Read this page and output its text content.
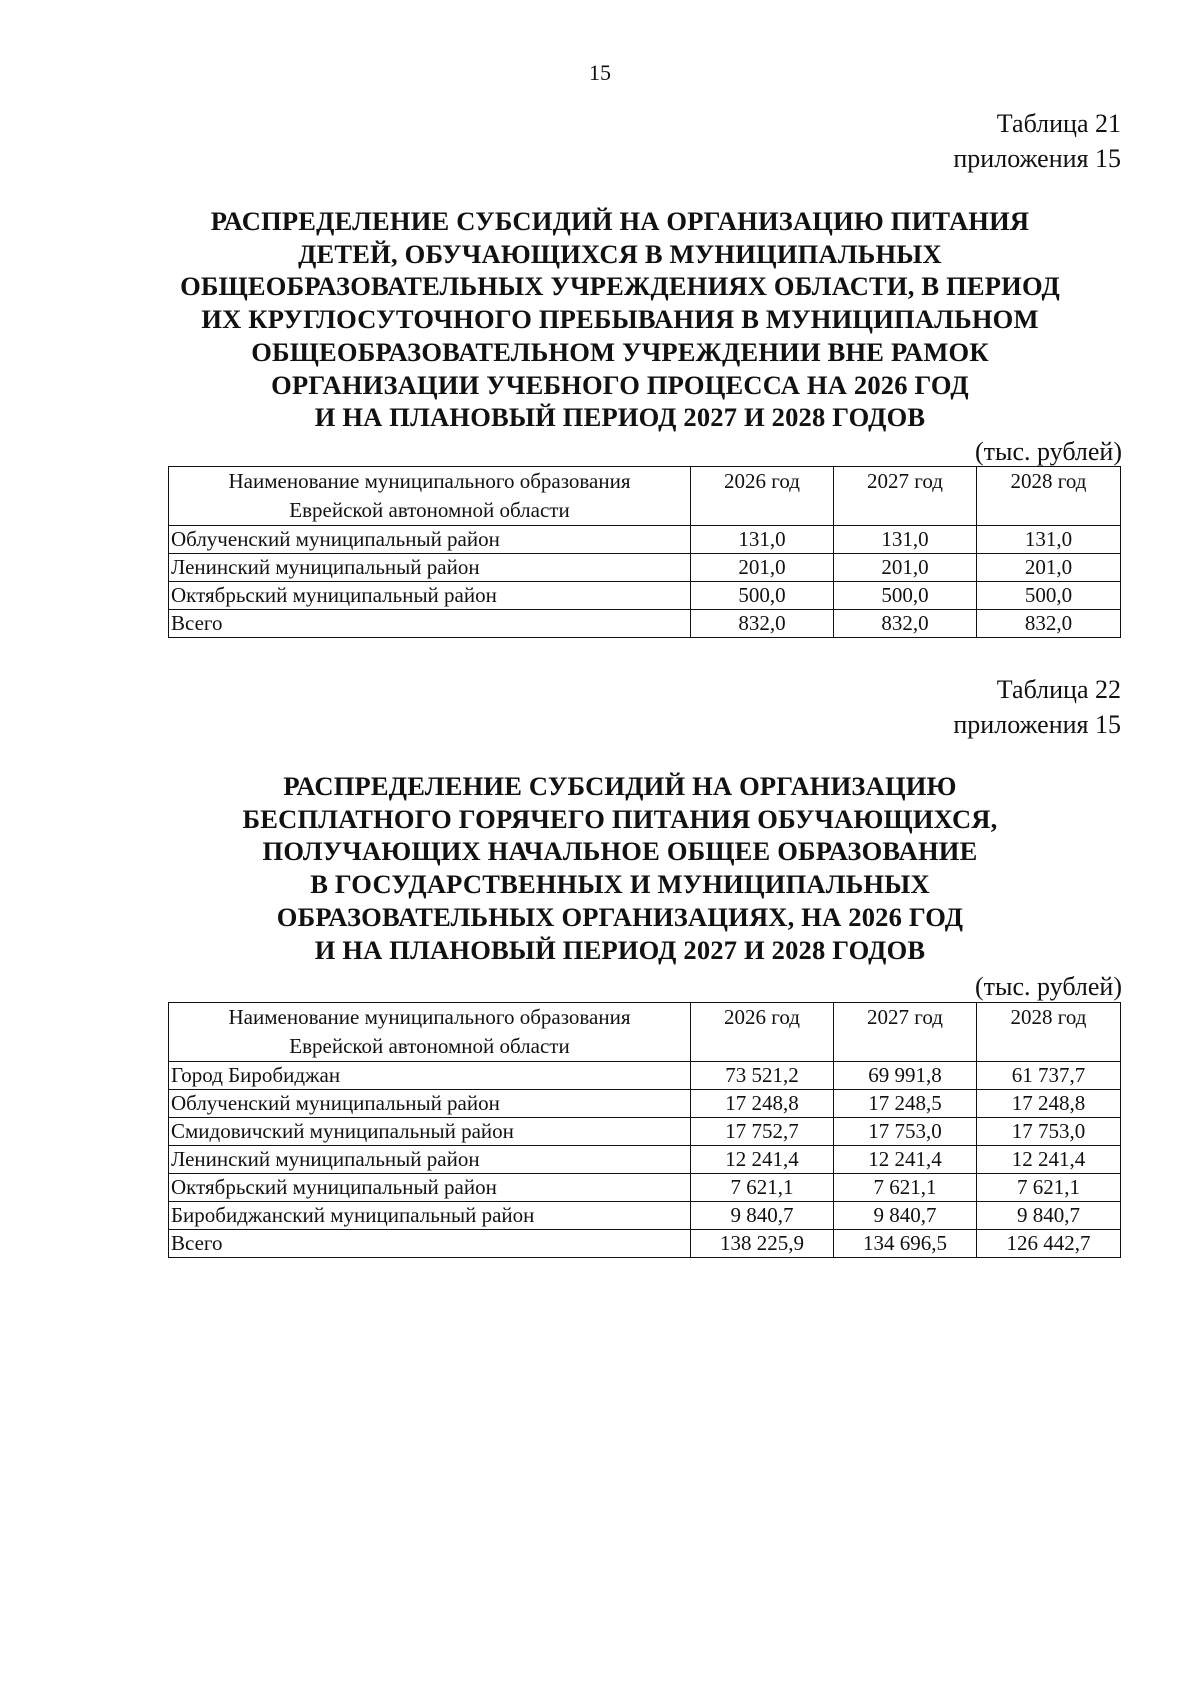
15
Таблица 21
приложения 15
РАСПРЕДЕЛЕНИЕ СУБСИДИЙ НА ОРГАНИЗАЦИЮ ПИТАНИЯ
ДЕТЕЙ, ОБУЧАЮЩИХСЯ В МУНИЦИПАЛЬНЫХ
ОБЩЕОБРАЗОВАТЕЛЬНЫХ УЧРЕЖДЕНИЯХ ОБЛАСТИ, В ПЕРИОД
ИХ КРУГЛОСУТОЧНОГО ПРЕБЫВАНИЯ В МУНИЦИПАЛЬНОМ
ОБЩЕОБРАЗОВАТЕЛЬНОМ УЧРЕЖДЕНИИ ВНЕ РАМОК
ОРГАНИЗАЦИИ УЧЕБНОГО ПРОЦЕССА НА 2026 ГОД
И НА ПЛАНОВЫЙ ПЕРИОД 2027 И 2028 ГОДОВ
(тыс. рублей)
Наименование муниципального образования
Еврейской автономной области	2026 год	2027 год	2028 год
Облученский муниципальный район	131,0	131,0	131,0
Ленинский муниципальный район	201,0	201,0	201,0
Октябрьский муниципальный район	500,0	500,0	500,0
Всего	832,0	832,0	832,0
Таблица 22
приложения 15
РАСПРЕДЕЛЕНИЕ СУБСИДИЙ НА ОРГАНИЗАЦИЮ
БЕСПЛАТНОГО ГОРЯЧЕГО ПИТАНИЯ ОБУЧАЮЩИХСЯ,
ПОЛУЧАЮЩИХ НАЧАЛЬНОЕ ОБЩЕЕ ОБРАЗОВАНИЕ
В ГОСУДАРСТВЕННЫХ И МУНИЦИПАЛЬНЫХ
ОБРАЗОВАТЕЛЬНЫХ ОРГАНИЗАЦИЯХ, НА 2026 ГОД
И НА ПЛАНОВЫЙ ПЕРИОД 2027 И 2028 ГОДОВ
(тыс. рублей)
Наименование муниципального образования
Еврейской автономной области	2026 год	2027 год	2028 год
Город Биробиджан	73 521,2	69 991,8	61 737,7
Облученский муниципальный район	17 248,8	17 248,5	17 248,8
Смидовичский муниципальный район	17 752,7	17 753,0	17 753,0
Ленинский муниципальный район	12 241,4	12 241,4	12 241,4
Октябрьский муниципальный район	7 621,1	7 621,1	7 621,1
Биробиджанский муниципальный район	9 840,7	9 840,7	9 840,7
Всего	138 225,9	134 696,5	126 442,7
